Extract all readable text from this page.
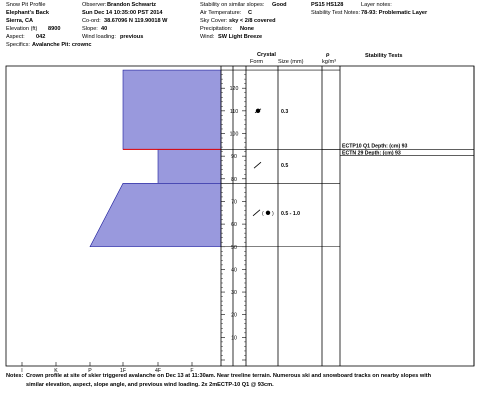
Snow Pit Profile
Elephant's Back
Sierra, CA
Elevation (ft) 8900
Aspect: 042
Specifics: Avalanche Pit: crownc
Observer: Brandon Schwartz
Sun Dec 14 10:35:00 PST 2014
Co-ord: 38.67096 N 119.90018 W
Slope: 40
Wind loading: previous
Stability on similar slopes: Good
Air Temperature: C
Sky Cover: sky < 2/8 covered
Precipitation: None
Wind: SW Light Breeze
PS15 HS128	Layer notes:
Stability Test Notes: 78-93: Problematic Layer
Crystal
Form	Size (mm)
ρ
kg/m³
Stability Tests
10
20
30
40
50
60
70
80
90
100
110
120
I	K	P	1F	4F	F
0.3
0.5
( ) 0.5 - 1.0
ECTP10 Q1 Depth: (cm) 93
ECTN 29 Depth: (cm) 93
Notes: Crown profile at site of skier triggered avalanche on Dec 13 at 11:30am. Near treeline terrain. Numerous ski and snowboard tracks on nearby slopes with
similar elevation, aspect, slope angle, and previous wind loading. 2x 2mECTP-10 Q1 @ 93cm.
